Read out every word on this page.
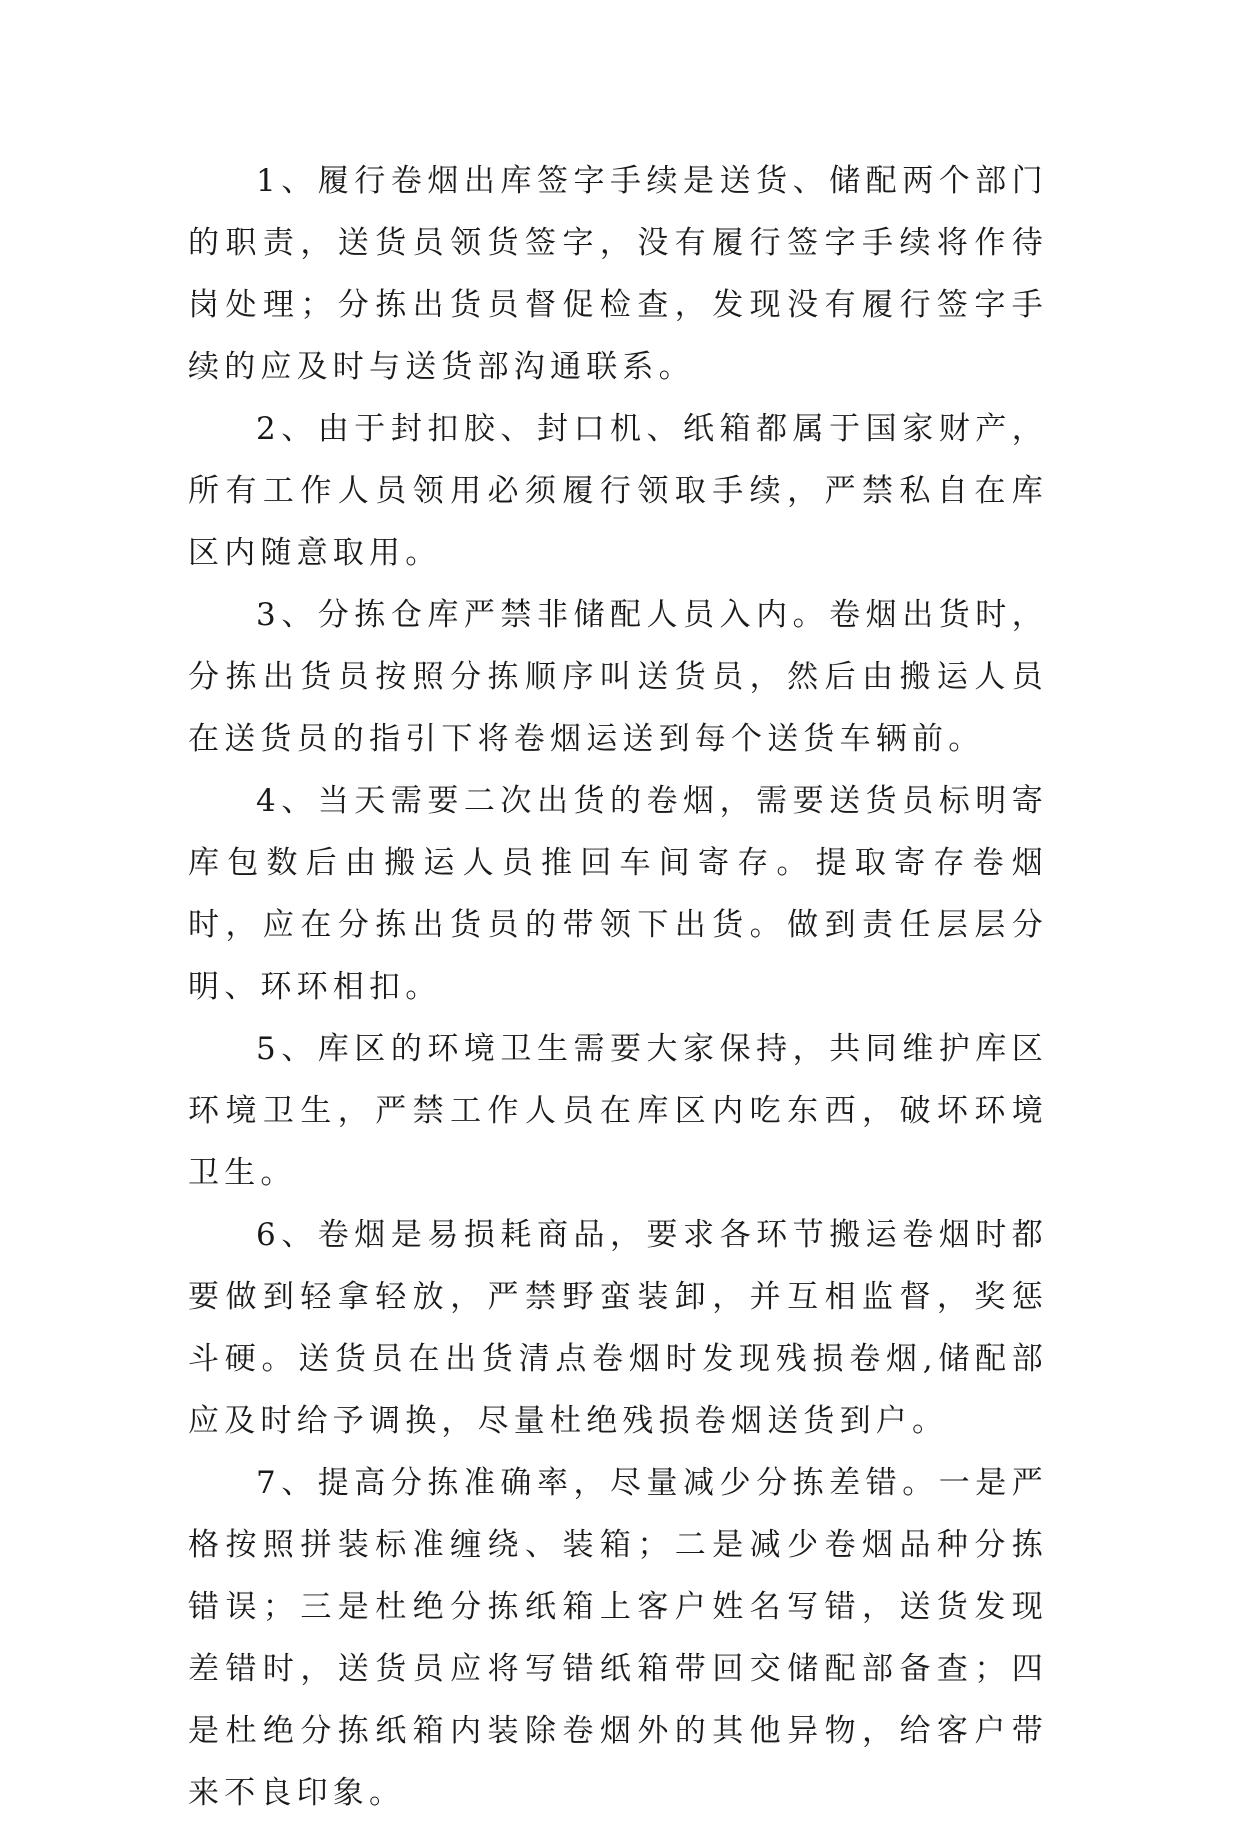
1、履行卷烟出库签字手续是送货、储配两个部门的职责，送货员领货签字，没有履行签字手续将作待岗处理；分拣出货员督促检查，发现没有履行签字手续的应及时与送货部沟通联系。

2、由于封扣胶、封口机、纸箱都属于国家财产，所有工作人员领用必须履行领取手续，严禁私自在库区内随意取用。

3、分拣仓库严禁非储配人员入内。卷烟出货时，分拣出货员按照分拣顺序叫送货员，然后由搬运人员在送货员的指引下将卷烟运送到每个送货车辆前。

4、当天需要二次出货的卷烟，需要送货员标明寄库包数后由搬运人员推回车间寄存。提取寄存卷烟时，应在分拣出货员的带领下出货。做到责任层层分明、环环相扣。

5、库区的环境卫生需要大家保持，共同维护库区环境卫生，严禁工作人员在库区内吃东西，破坏环境卫生。

6、卷烟是易损耗商品，要求各环节搬运卷烟时都要做到轻拿轻放，严禁野蛮装卸，并互相监督，奖惩斗硬。送货员在出货清点卷烟时发现残损卷烟,储配部应及时给予调换，尽量杜绝残损卷烟送货到户。

7、提高分拣准确率，尽量减少分拣差错。一是严格按照拼装标准缠绕、装箱；二是减少卷烟品种分拣错误；三是杜绝分拣纸箱上客户姓名写错，送货发现差错时，送货员应将写错纸箱带回交储配部备查；四是杜绝分拣纸箱内装除卷烟外的其他异物，给客户带来不良印象。
